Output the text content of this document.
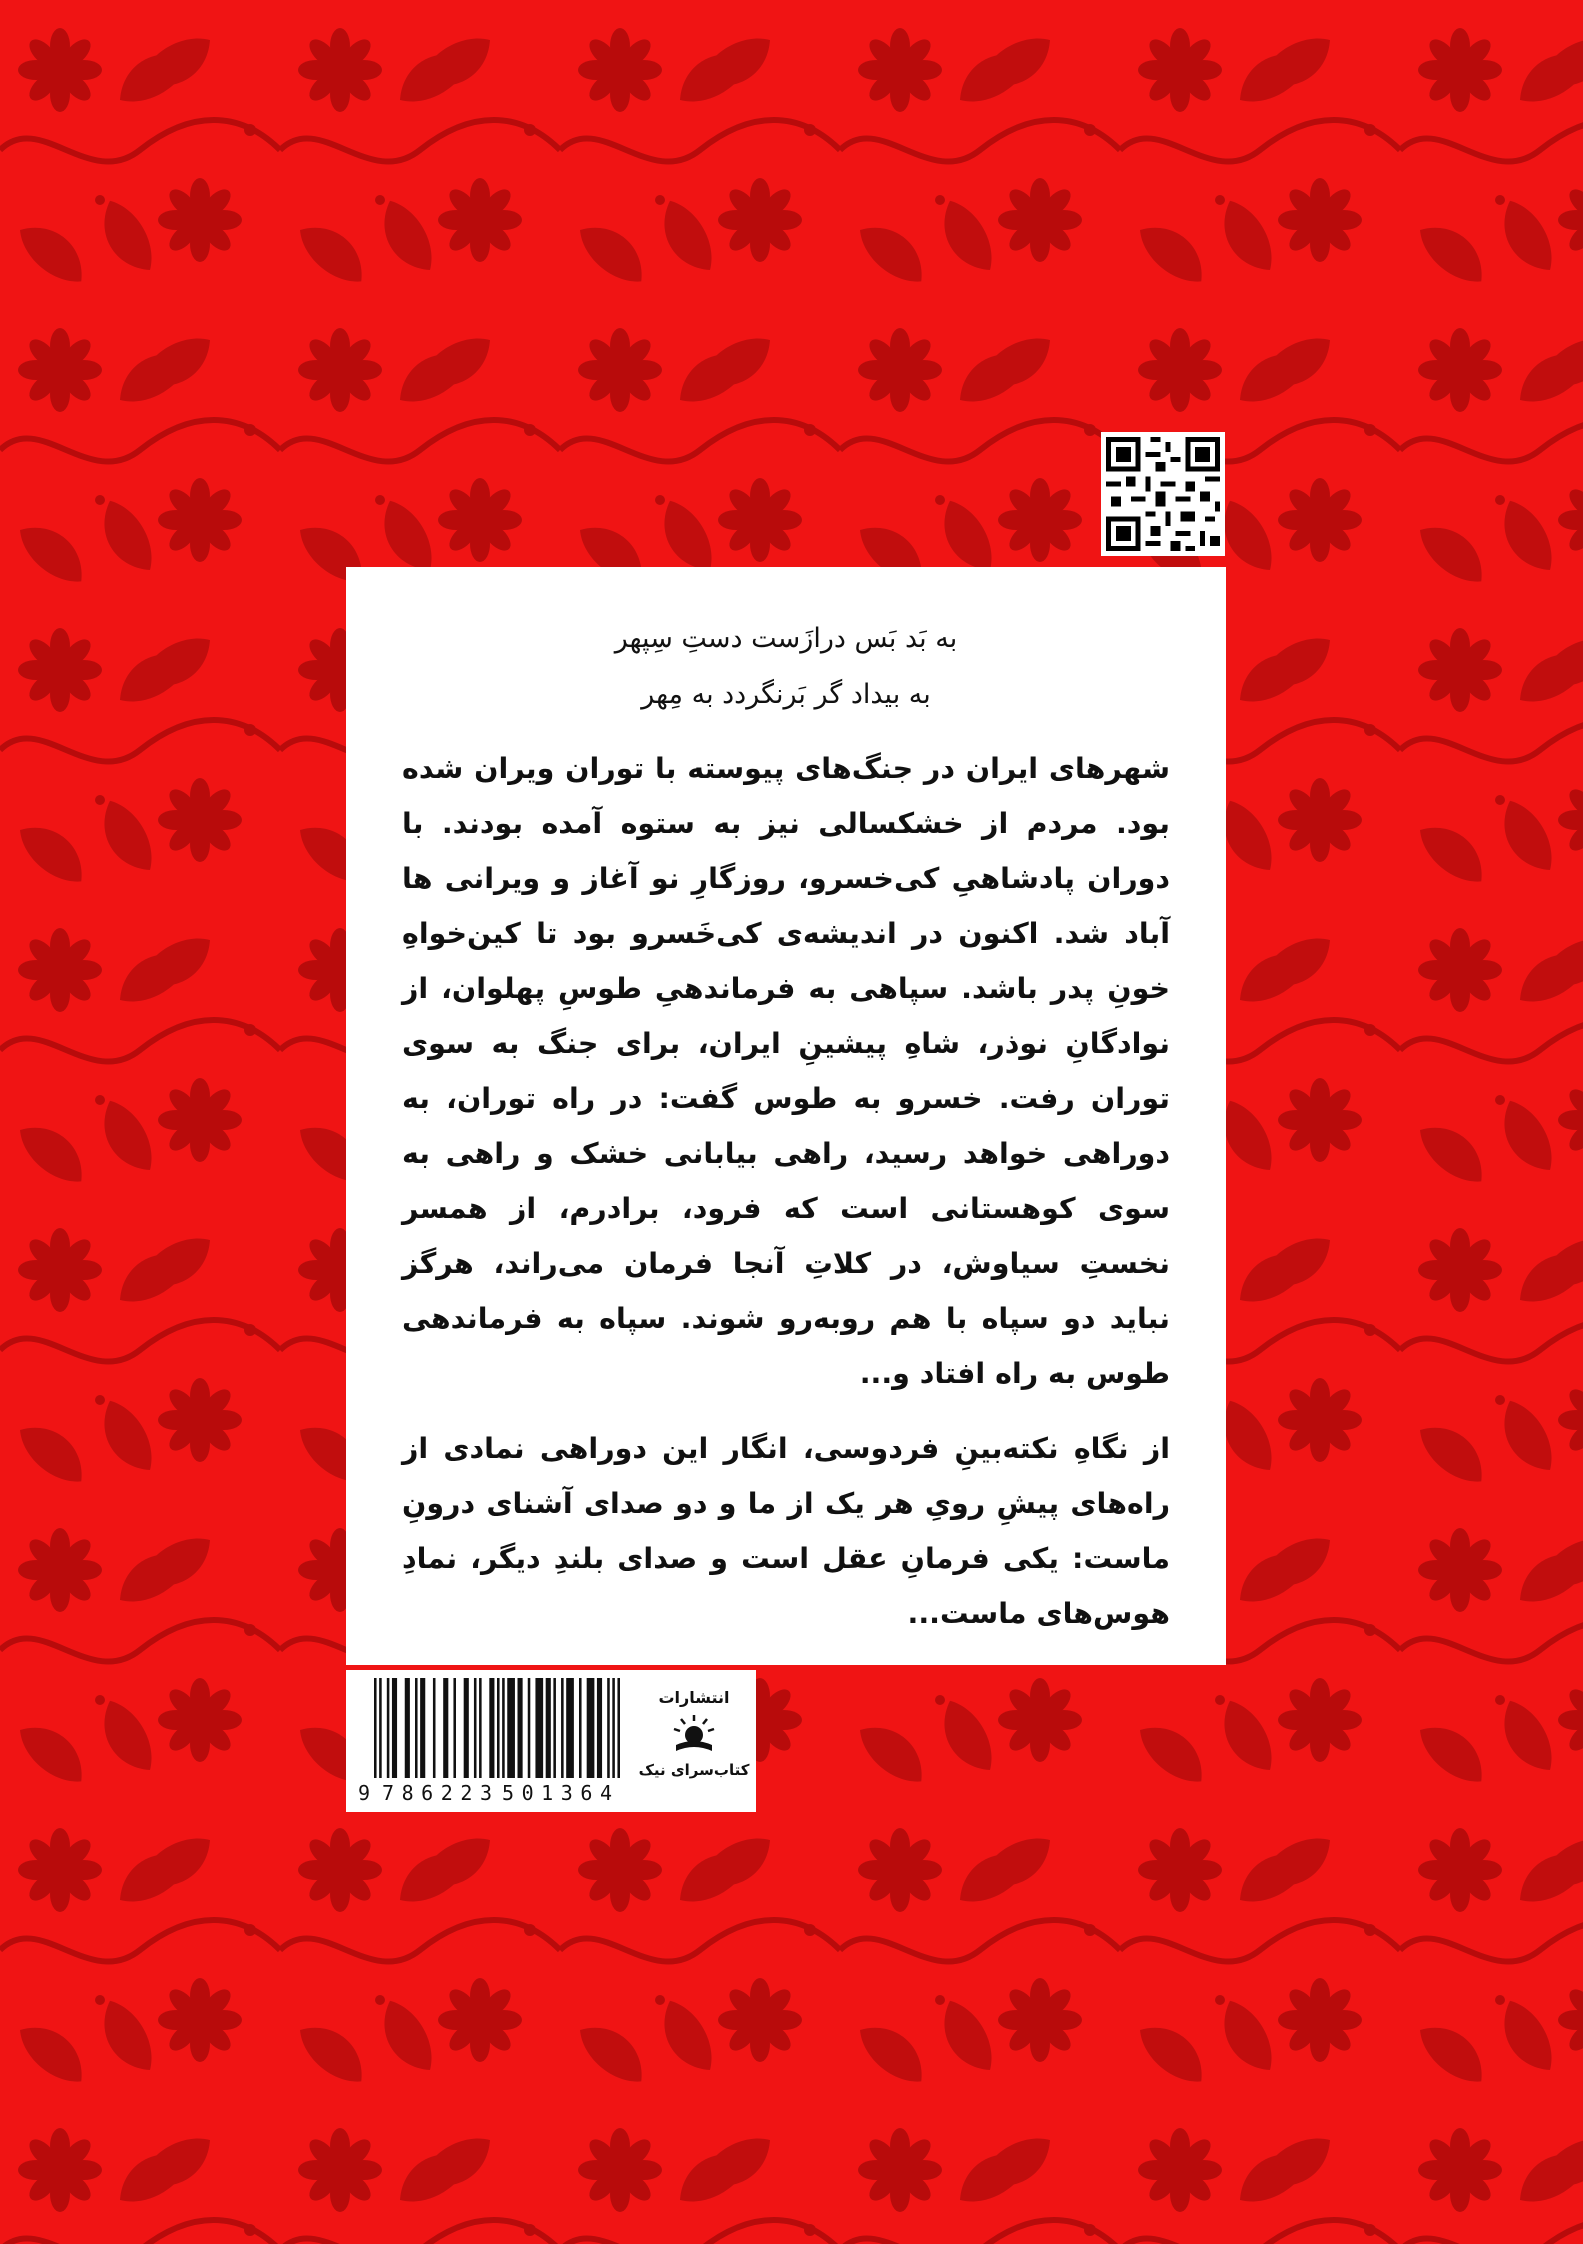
به بَد بَس درازَست دستِ سِپهر
به بیداد گر بَرنگردد به مِهر
شهرهای ایران در جنگ‌های پیوسته با توران ویران شده بود. مردم از خشکسالی نیز به ستوه آمده بودند. با دوران پادشاهیِ کی‌خسرو، روزگارِ نو آغاز و ویرانی ها آباد شد. اکنون در اندیشه‌ی کی‌خَسرو بود تا کین‌خواهِ خونِ پدر باشد. سپاهی به فرماندهیِ طوسِ پهلوان، از نوادگانِ نوذر، شاهِ پیشینِ ایران، برای جنگ به سوی توران رفت. خسرو به طوس گفت: در راه توران، به دوراهی خواهد رسید، راهی بیابانی خشک و راهی به سوی کوهستانی است که فرود، برادرم، از همسر نخستِ سیاوش، در کلاتِ آنجا فرمان می‌راند، هرگز نباید دو سپاه با هم روبه‌رو شوند. سپاه به فرماندهی طوس به راه افتاد و...
از نگاهِ نکته‌بینِ فردوسی، انگار این دوراهی نمادی از راه‌های پیشِ رویِ هر یک از ما و دو صدای آشنای درونِ ماست: یکی فرمانِ عقل است و صدای بلندِ دیگر، نمادِ هوس‌های ماست...
9 786223 501364
انتشارات
کتاب‌سرای نیک
